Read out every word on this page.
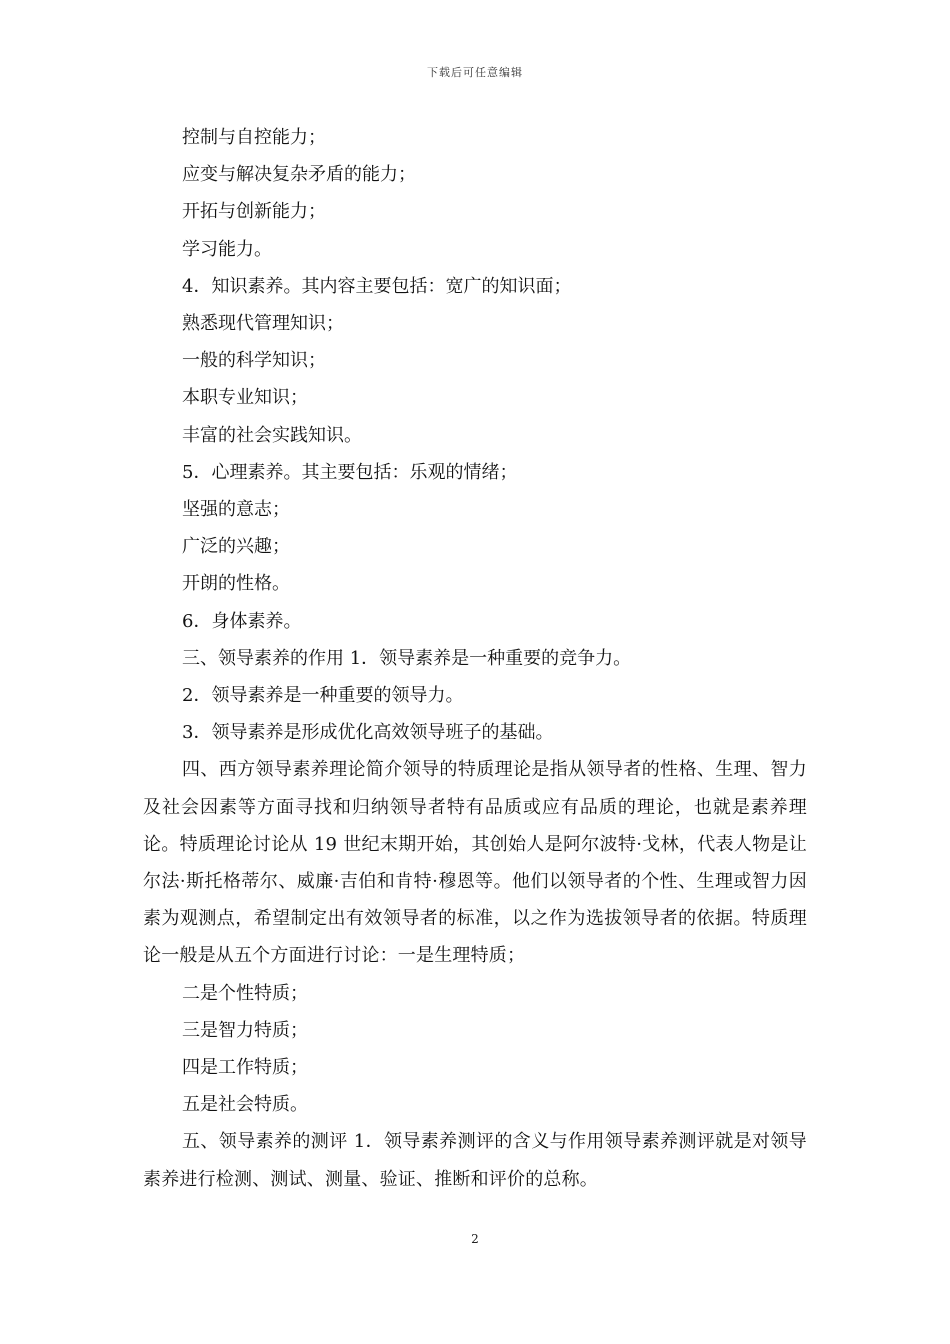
下载后可任意编辑

控制与自控能力；

应变与解决复杂矛盾的能力；

开拓与创新能力；

学习能力。

4．知识素养。其内容主要包括：宽广的知识面；

熟悉现代管理知识；

一般的科学知识；

本职专业知识；

丰富的社会实践知识。

5．心理素养。其主要包括：乐观的情绪；

坚强的意志；

广泛的兴趣；

开朗的性格。

6．身体素养。

三、领导素养的作用 1．领导素养是一种重要的竞争力。

2．领导素养是一种重要的领导力。

3．领导素养是形成优化高效领导班子的基础。

四、西方领导素养理论简介领导的特质理论是指从领导者的性格、生理、智力及社会因素等方面寻找和归纳领导者特有品质或应有品质的理论，也就是素养理论。特质理论讨论从 19 世纪末期开始，其创始人是阿尔波特·戈林，代表人物是让尔法·斯托格蒂尔、威廉·吉伯和肯特·穆恩等。他们以领导者的个性、生理或智力因素为观测点，希望制定出有效领导者的标准，以之作为选拔领导者的依据。特质理论一般是从五个方面进行讨论：一是生理特质；

二是个性特质；

三是智力特质；

四是工作特质；

五是社会特质。

五、领导素养的测评 1．领导素养测评的含义与作用领导素养测评就是对领导素养进行检测、测试、测量、验证、推断和评价的总称。

2
